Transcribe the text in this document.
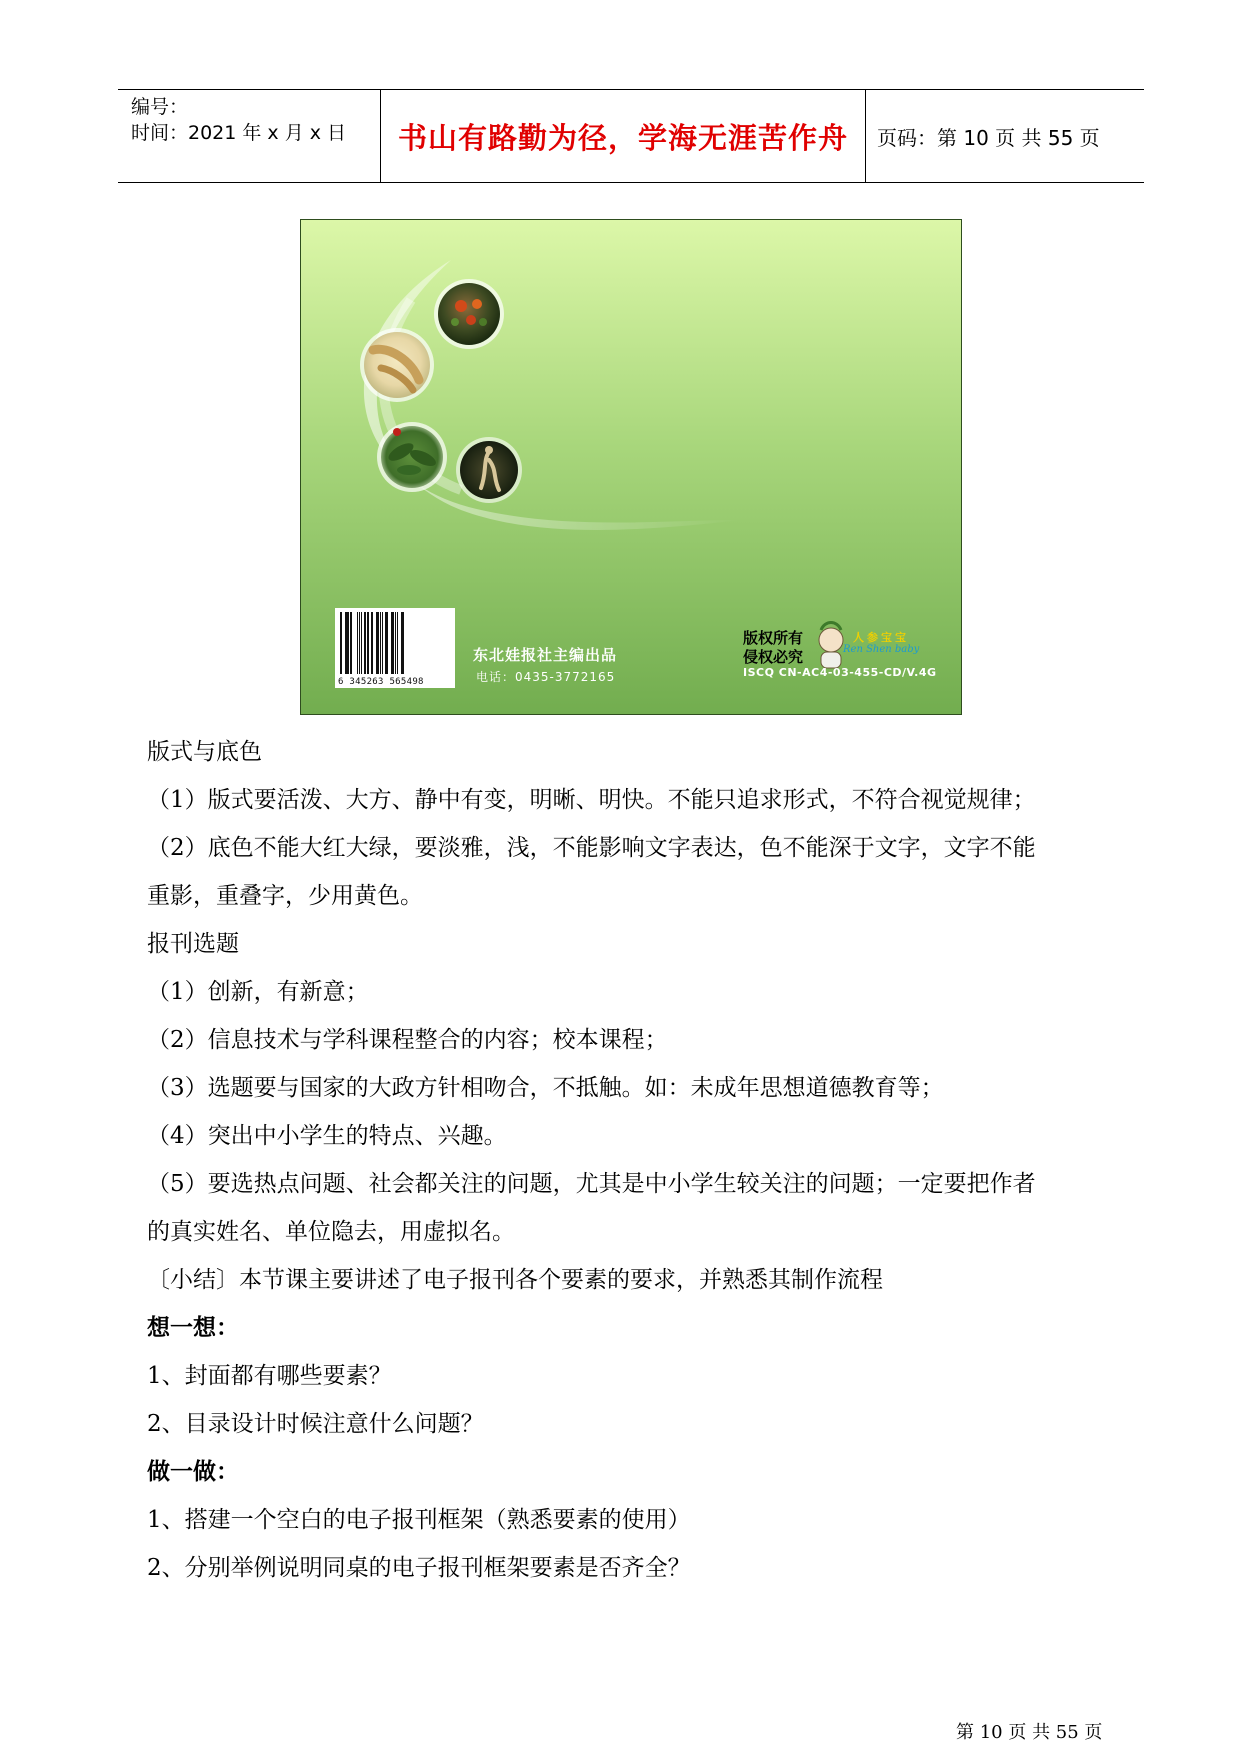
编号：
时间：2021 年 x 月 x 日 书山有路勤为径，学海无涯苦作舟 页码：第 10 页 共 55 页
6 345263 565498
东北娃报社主编出品
电话：0435-3772165
版权所有
侵权必究
ISCQ CN-AC4-03-455-CD/V.4G
人参宝宝
Ren Shen baby
版式与底色
（1）版式要活泼、大方、静中有变，明晰、明快。不能只追求形式，不符合视觉规律；
（2）底色不能大红大绿，要淡雅，浅，不能影响文字表达，色不能深于文字，文字不能
重影，重叠字，少用黄色。
报刊选题
（1）创新，有新意；
（2）信息技术与学科课程整合的内容；校本课程；
（3）选题要与国家的大政方针相吻合，不抵触。如：未成年思想道德教育等；
（4）突出中小学生的特点、兴趣。
（5）要选热点问题、社会都关注的问题，尤其是中小学生较关注的问题；一定要把作者
的真实姓名、单位隐去，用虚拟名。
〔小结〕本节课主要讲述了电子报刊各个要素的要求，并熟悉其制作流程
想一想：
1、封面都有哪些要素？
2、目录设计时候注意什么问题？
做一做：
1、搭建一个空白的电子报刊框架（熟悉要素的使用）
2、分别举例说明同桌的电子报刊框架要素是否齐全？
第 10 页 共 55 页
